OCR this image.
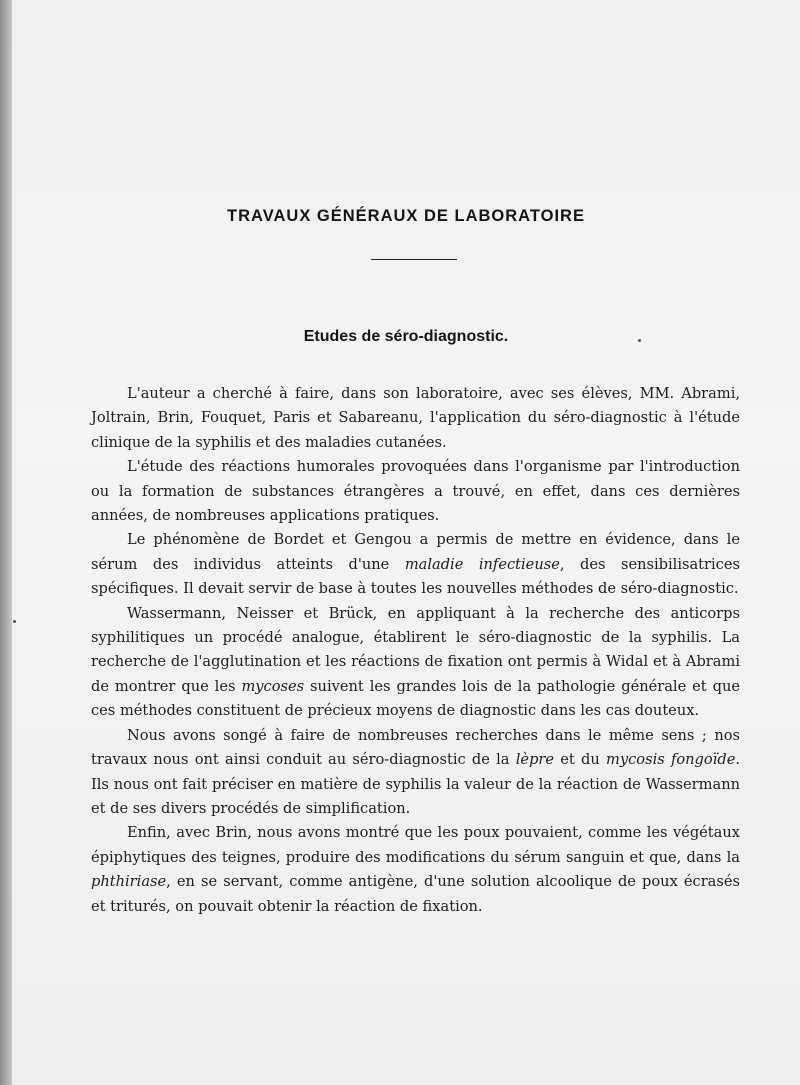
TRAVAUX GÉNÉRAUX DE LABORATOIRE
Etudes de séro-diagnostic.

L'auteur a cherché à faire, dans son laboratoire, avec ses élèves, MM. Abrami, Joltrain, Brin, Fouquet, Paris et Sabareanu, l'application du séro-diagnostic à l'étude clinique de la syphilis et des maladies cutanées.

L'étude des réactions humorales provoquées dans l'organisme par l'introduction ou la formation de substances étrangères a trouvé, en effet, dans ces dernières années, de nombreuses applications pratiques.

Le phénomène de Bordet et Gengou a permis de mettre en évidence, dans le sérum des individus atteints d'une maladie infectieuse, des sensibilisatrices spécifiques. Il devait servir de base à toutes les nouvelles méthodes de séro-diagnostic.

Wassermann, Neisser et Brück, en appliquant à la recherche des anticorps syphilitiques un procédé analogue, établirent le séro-diagnostic de la syphilis. La recherche de l'agglutination et les réactions de fixation ont permis à Widal et à Abrami de montrer que les mycoses suivent les grandes lois de la pathologie générale et que ces méthodes constituent de précieux moyens de diagnostic dans les cas douteux.

Nous avons songé à faire de nombreuses recherches dans le même sens ; nos travaux nous ont ainsi conduit au séro-diagnostic de la lèpre et du mycosis fongoïde. Ils nous ont fait préciser en matière de syphilis la valeur de la réaction de Wassermann et de ses divers procédés de simplification.

Enfin, avec Brin, nous avons montré que les poux pouvaient, comme les végétaux épiphytiques des teignes, produire des modifications du sérum sanguin et que, dans la phthiriase, en se servant, comme antigène, d'une solution alcoolique de poux écrasés et triturés, on pouvait obtenir la réaction de fixation.
